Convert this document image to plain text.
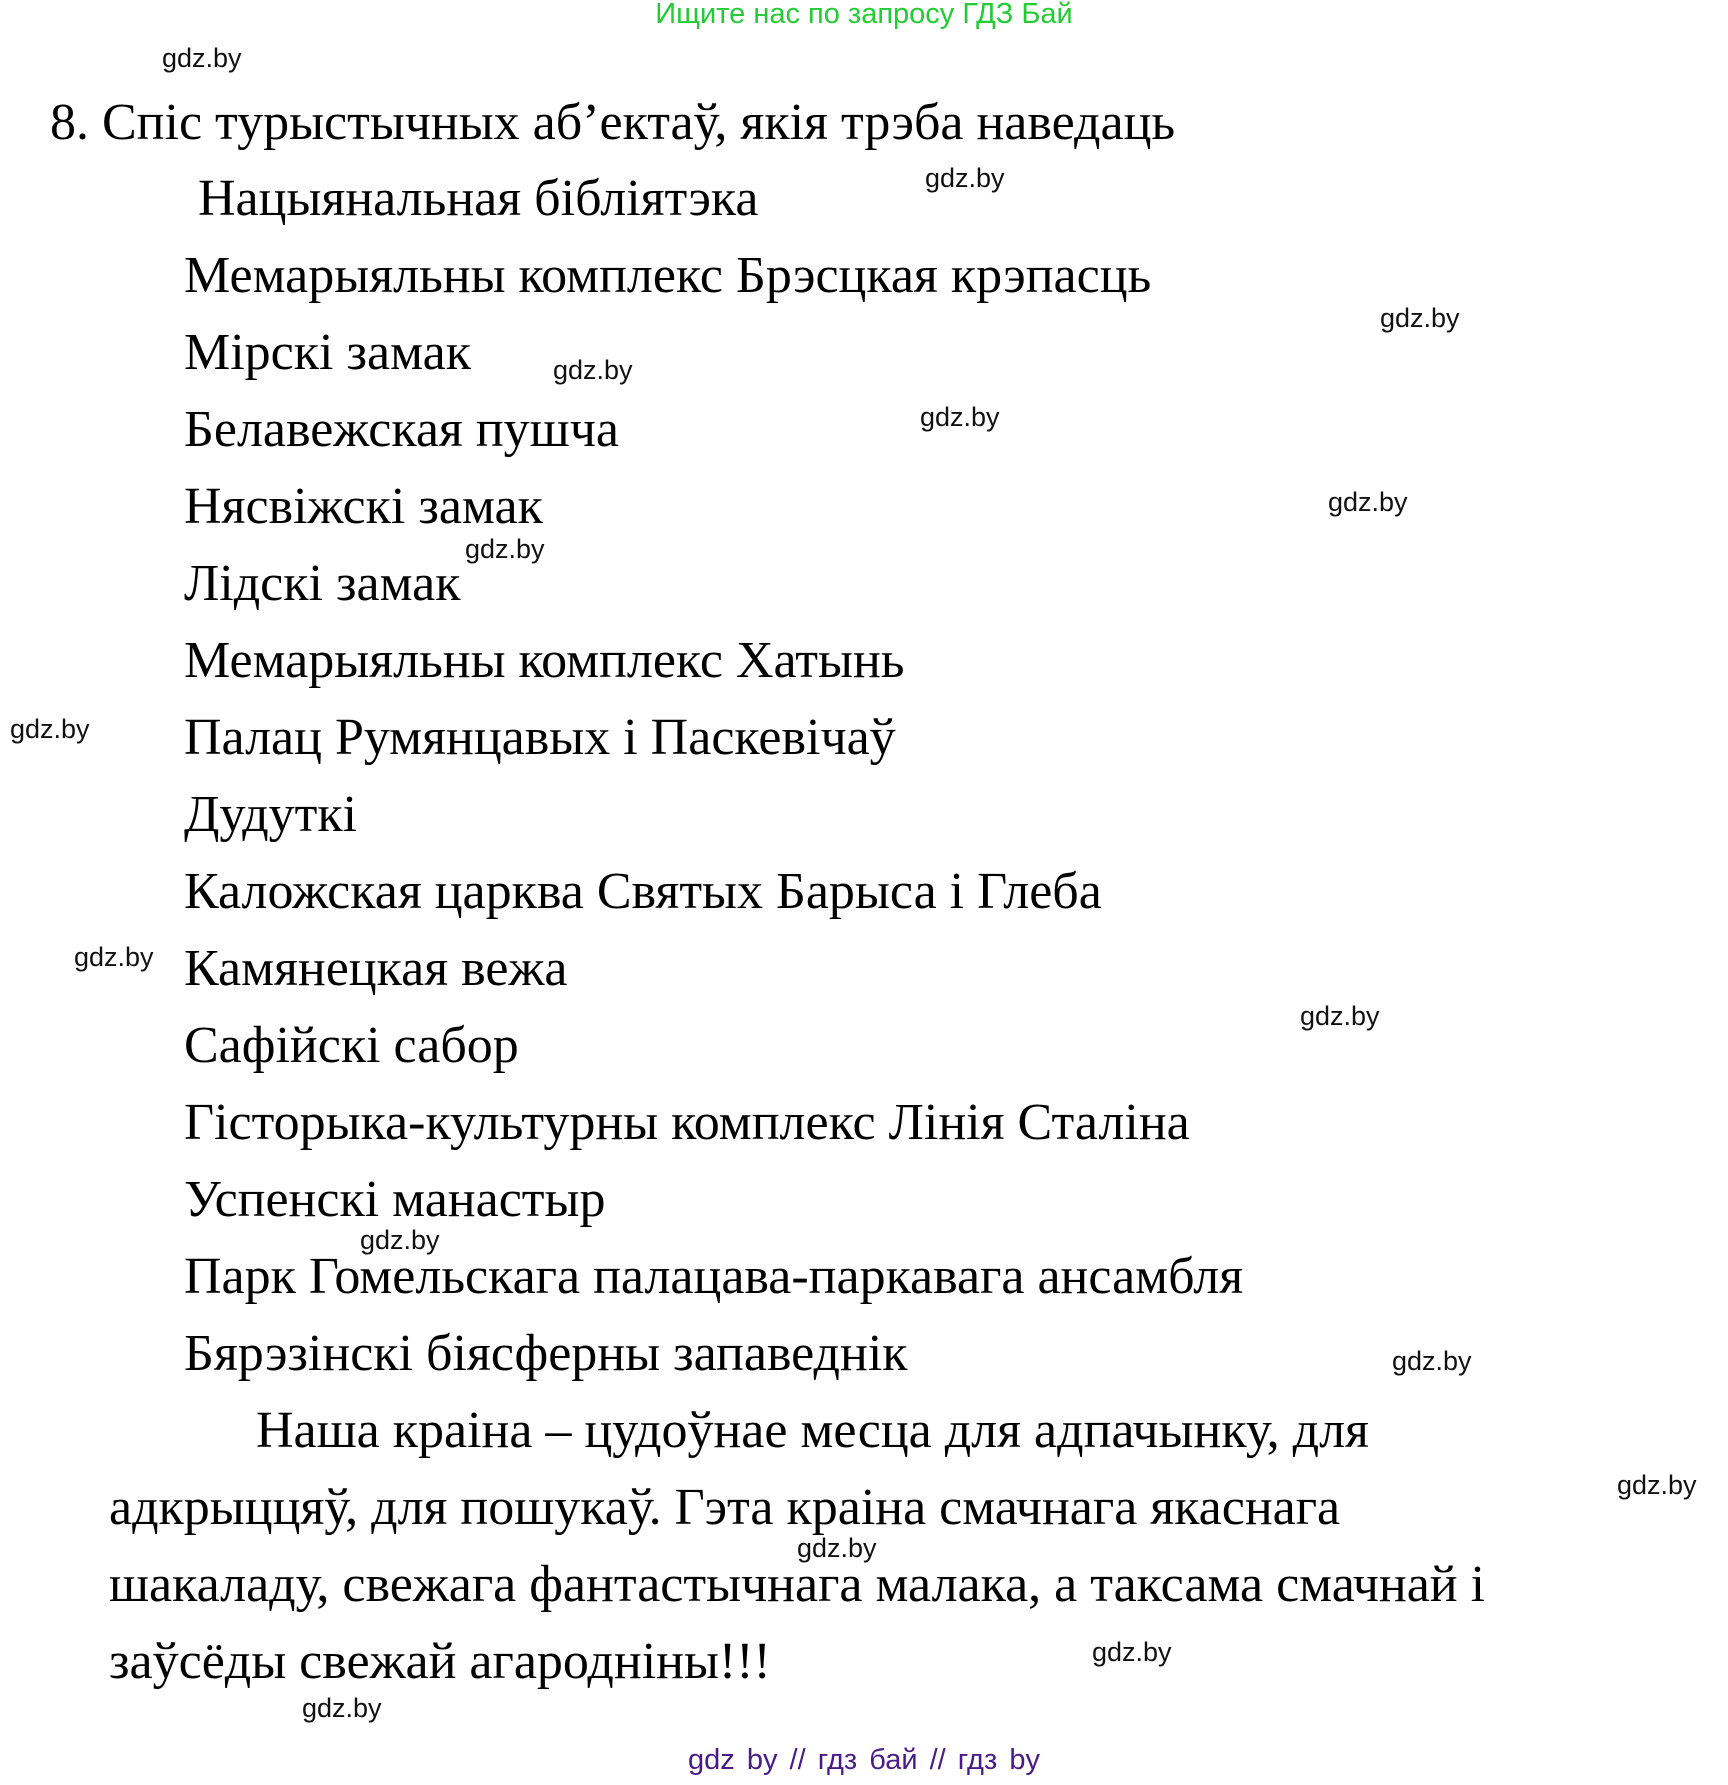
Ищите нас по запросу ГДЗ Бай
8. Спіс турыстычных аб’ектаў, якія трэба наведаць
Нацыянальная бібліятэка
Мемарыяльны комплекс Брэсцкая крэпасць
Мірскі замак
Белавежская пушча
Нясвіжскі замак
Лідскі замак
Мемарыяльны комплекс Хатынь
Палац Румянцавых і Паскевічаў
Дудуткі
Каложская царква Святых Барыса і Глеба
Камянецкая вежа
Сафійскі сабор
Гісторыка-культурны комплекс Лінія Сталіна
Успенскі манастыр
Парк Гомельскага палацава-паркавага ансамбля
Бярэзінскі біясферны запаведнік
Наша краіна – цудоўнае месца для адпачынку, для
адкрыццяў, для пошукаў. Гэта краіна смачнага якаснага
шакаладу, свежага фантастычнага малака, а таксама смачнай і
заўсёды свежай агародніны!!!
gdz.by
gdz.by
gdz.by
gdz.by
gdz.by
gdz.by
gdz.by
gdz.by
gdz.by
gdz.by
gdz.by
gdz.by
gdz.by
gdz.by
gdz.by
gdz.by
gdz by // гдз бай // гдз by
